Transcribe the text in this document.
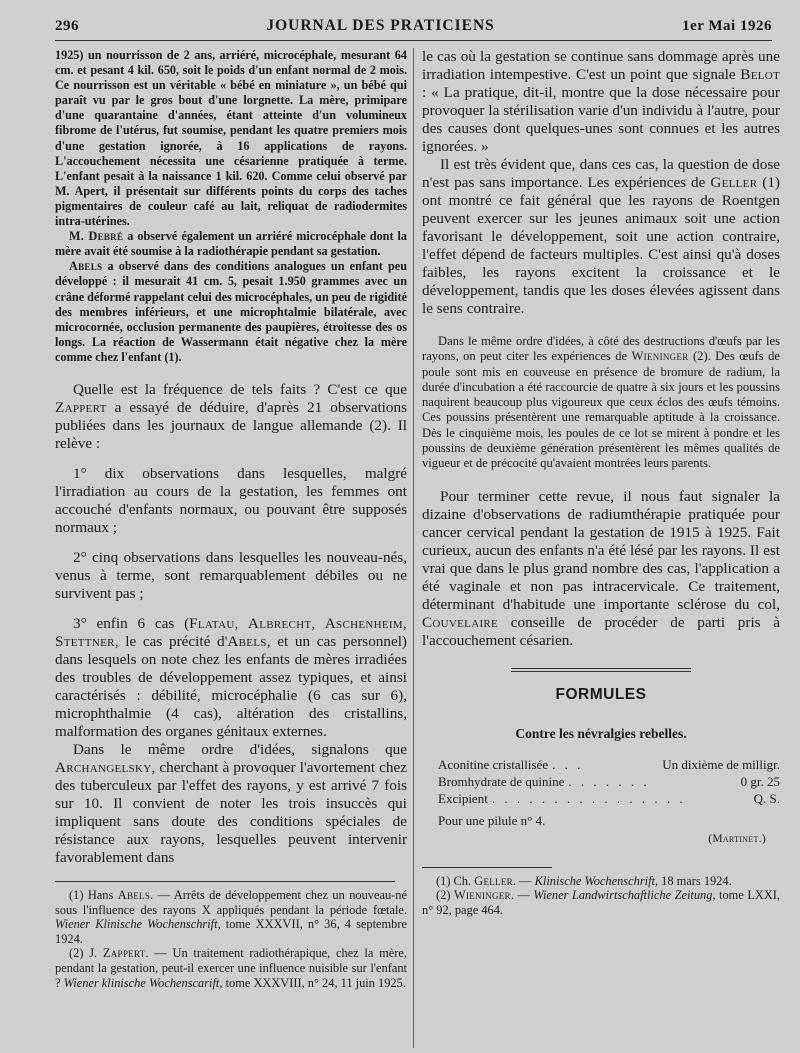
296	JOURNAL DES PRATICIENS	1er Mai 1926

1925) un nourrisson de 2 ans, arriéré, microcéphale, mesurant 64 cm. et pesant 4 kil. 650, soit le poids d'un enfant normal de 2 mois. Ce nourrisson est un véritable « bébé en miniature », un bébé qui paraît vu par le gros bout d'une lorgnette. La mère, primipare d'une quarantaine d'années, étant atteinte d'un volumineux fibrome de l'utérus, fut soumise, pendant les quatre premiers mois d'une gestation ignorée, à 16 applications de rayons. L'accouchement nécessita une césarienne pratiquée à terme. L'enfant pesait à la naissance 1 kil. 620. Comme celui observé par M. Apert, il présentait sur différents points du corps des taches pigmentaires de couleur café au lait, reliquat de radiodermites intra-utérines.

M. Debré a observé également un arriéré microcéphale dont la mère avait été soumise à la radiothérapie pendant sa gestation.

Abels a observé dans des conditions analogues un enfant peu développé : il mesurait 41 cm. 5, pesait 1.950 grammes avec un crâne déformé rappelant celui des microcéphales, un peu de rigidité des membres inférieurs, et une microphtalmie bilatérale, avec microcornée, occlusion permanente des paupières, étroitesse des os longs. La réaction de Wassermann était négative chez la mère comme chez l'enfant (1).

Quelle est la fréquence de tels faits ? C'est ce que Zappert a essayé de déduire, d'après 21 observations publiées dans les journaux de langue allemande (2). Il relève :

1° dix observations dans lesquelles, malgré l'irradiation au cours de la gestation, les femmes ont accouché d'enfants normaux, ou pouvant être supposés normaux ;

2° cinq observations dans lesquelles les nouveau-nés, venus à terme, sont remarquablement débiles ou ne survivent pas ;

3° enfin 6 cas (Flatau, Albrecht, Aschenheim, Stettner, le cas précité d'Abels, et un cas personnel) dans lesquels on note chez les enfants de mères irradiées des troubles de développement assez typiques, et ainsi caractérisés : débilité, microcéphalie (6 cas sur 6), microphthalmie (4 cas), altération des cristallins, malformation des organes génitaux externes.

Dans le même ordre d'idées, signalons que Archangelsky, cherchant à provoquer l'avortement chez des tuberculeux par l'effet des rayons, y est arrivé 7 fois sur 10. Il convient de noter les trois insuccès qui impliquent sans doute des conditions spéciales de résistance aux rayons, lesquelles peuvent intervenir favorablement dans

(1) Hans Abels. — Arrêts de développement chez un nouveau-né sous l'influence des rayons X appliqués pendant la période fœtale. Wiener Klinische Wochenschrift, tome XXXVII, n° 36, 4 septembre 1924.

(2) J. Zappert. — Un traitement radiothérapique, chez la mère, pendant la gestation, peut-il exercer une influence nuisible sur l'enfant ? Wiener klinische Wochenscarift, tome XXXVIII, n° 24, 11 juin 1925.

le cas où la gestation se continue sans dommage après une irradiation intempestive. C'est un point que signale Belot : « La pratique, dit-il, montre que la dose nécessaire pour provoquer la stérilisation varie d'un individu à l'autre, pour des causes dont quelques-unes sont connues et les autres ignorées. »

Il est très évident que, dans ces cas, la question de dose n'est pas sans importance. Les expériences de Geller (1) ont montré ce fait général que les rayons de Roentgen peuvent exercer sur les jeunes animaux soit une action favorisant le développement, soit une action contraire, l'effet dépend de facteurs multiples. C'est ainsi qu'à doses faibles, les rayons excitent la croissance et le développement, tandis que les doses élevées agissent dans le sens contraire.

Dans le même ordre d'idées, à côté des destructions d'œufs par les rayons, on peut citer les expériences de Wieninger (2). Des œufs de poule sont mis en couveuse en présence de bromure de radium, la durée d'incubation a été raccourcie de quatre à six jours et les poussins naquirent beaucoup plus vigoureux que ceux éclos des œufs témoins. Ces poussins présentèrent une remarquable aptitude à la croissance. Dès le cinquième mois, les poules de ce lot se mirent à pondre et les poussins de deuxième génération présentèrent les mêmes qualités de vigueur et de précocité qu'avaient montrées leurs parents.

Pour terminer cette revue, il nous faut signaler la dizaine d'observations de radiumthérapie pratiquée pour cancer cervical pendant la gestation de 1915 à 1925. Fait curieux, aucun des enfants n'a été lésé par les rayons. Il est vrai que dans le plus grand nombre des cas, l'application a été vaginale et non pas intracervicale. Ce traitement, déterminant d'habitude une importante sclérose du col, Couvelaire conseille de procéder de parti pris à l'accouchement césarien.

FORMULES
Contre les névralgies rebelles.
Aconitine cristallisée . . .	Un dixième de milligr.
Bromhydrate de quinine . . . . . . .	0 gr. 25
Excipient . . . . . . . . . . . . . . . .	Q. S.
Pour une pilule n° 4.
(Martinet.)

(1) Ch. Geller. — Klinische Wochenschrift, 18 mars 1924.

(2) Wieninger. — Wiener Landwirtschaftliche Zeitung, tome LXXI, n° 92, page 464.
